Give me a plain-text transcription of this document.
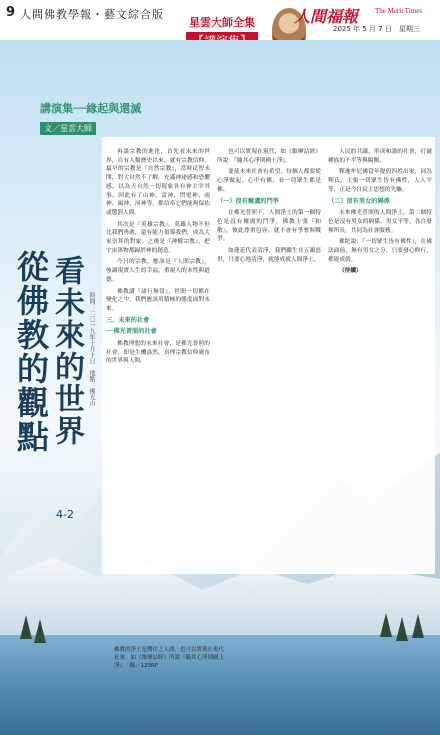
9 人間佛教學報・藝文綜合版
星雲大師全集	人間福報 The Merit Times
2025 年 5 月 7 日　星期三
講演集──緣起與還滅
文／星雲大師
從佛教的觀點 看未來的世界
4-2
時間：二〇一九年十月十日　地點：佛光山

再談宗教的進化，首先看未來的世界，自有人類歷史以來，就有宗教信仰。最早的宗教是『自然宗教』，當時民智未開，對大自然不了解，充滿神祕感和恐懼感，以為天自然一切現象各有神主宰其事，因此有了山神、雷神、閃電神、雨神、風神、河神等，都信奉它們能夠保佑或懲罰人間。

其次是『英雄宗教』。英雄人物不但比我們勇敢，還有能力領導我們，成為大家崇拜的對象。之後是『神權宗教』，把宇宙萬物都歸於神的創造。

今日的宗教，應該是『人間宗教』，強調現實人生的幸福，重視人的本性與道德。

佛教講『諸行無常』，世間一切都在變化之中，我們應該用積極的態度面對未來。

三、未來的社會

──佛光普照的社會

佛教理想的未來社會，是佛光普照的社會，即是生機盎然、真理宗教信仰廣布的世界與人間。

也可以實現在現代，如《維摩詰經》所說：『隨其心淨則國土淨』。

要使未來社會有希望，每個人都要從心淨做起。心中有佛，看一切眾生都是佛。

（一）沒有爾虞的門爭

在佛光普照下，人間淨土的第一個特色是沒有爾虞的鬥爭。佛教主張『和敬』，彼此尊重包容，就不會有爭奪與戰爭。

如蓮花代表清淨，我們雖生在五濁惡世，只要心地清淨，就能成就人間淨土。

人民的共識，形成和諧的社會，打破種族的不平等與隔閡。

釋迦牟尼佛當年提倡四姓出家，同為釋氏，主張一切眾生皆有佛性，人人平等，正是今日民主思想的先驅。

（二）沒有男女的隔係

未來佛光普照的人間淨土，第二個特色是沒有男女的隔係。男女平等，各自發揮所長，共同為社會服務。

佛陀說：『一切眾生皆有佛性』，在佛法面前，無有男女之分，只要發心修行，都能成就。

（待續）

佛教的淨土是嚮往之人間，也可以實現在現代社會，如《維摩詰經》所說『隨其心淨則國土淨』。 攝／123RF
